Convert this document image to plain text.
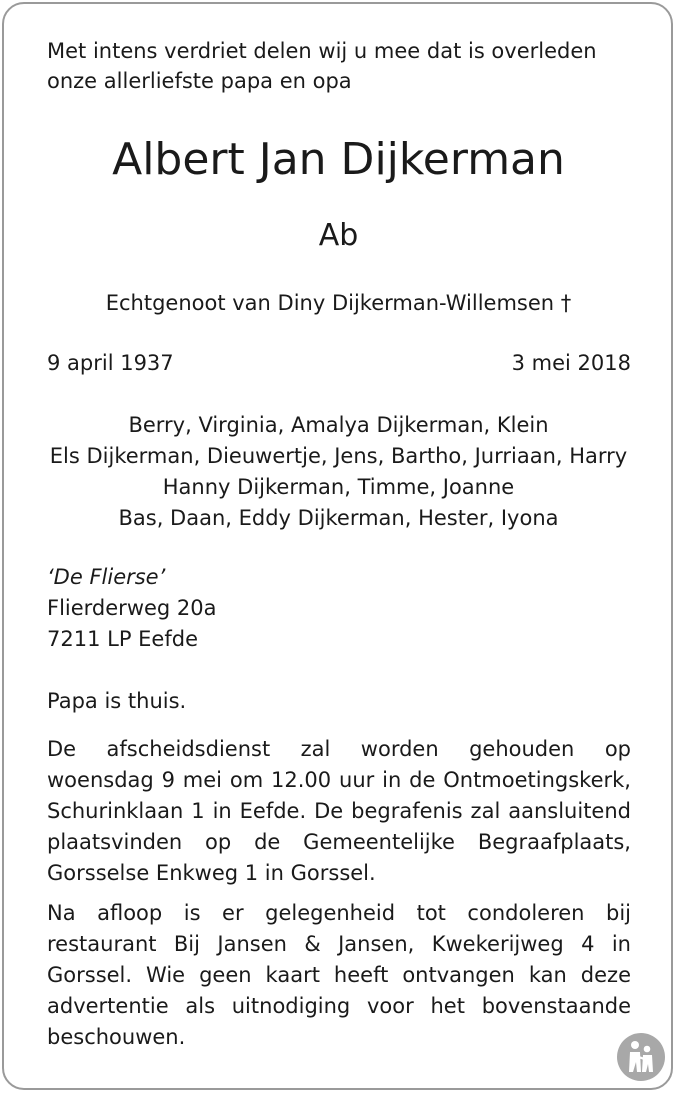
Met intens verdriet delen wij u mee dat is overleden
onze allerliefste papa en opa
Albert Jan Dijkerman
Ab
Echtgenoot van Diny Dijkerman-Willemsen †
9 april 1937	3 mei 2018
Berry, Virginia, Amalya Dijkerman, Klein
Els Dijkerman, Dieuwertje, Jens, Bartho, Jurriaan, Harry
Hanny Dijkerman, Timme, Joanne
Bas, Daan, Eddy Dijkerman, Hester, Iyona
‘De Flierse’
Flierderweg 20a
7211 LP Eefde
Papa is thuis.
De afscheidsdienst zal worden gehouden op
woensdag 9 mei om 12.00 uur in de Ontmoetingskerk,
Schurinklaan 1 in Eefde. De begrafenis zal aansluitend
plaatsvinden op de Gemeentelijke Begraafplaats,
Gorsselse Enkweg 1 in Gorssel.
Na afloop is er gelegenheid tot condoleren bij
restaurant Bij Jansen & Jansen, Kwekerijweg 4 in
Gorssel. Wie geen kaart heeft ontvangen kan deze
advertentie als uitnodiging voor het bovenstaande
beschouwen.
